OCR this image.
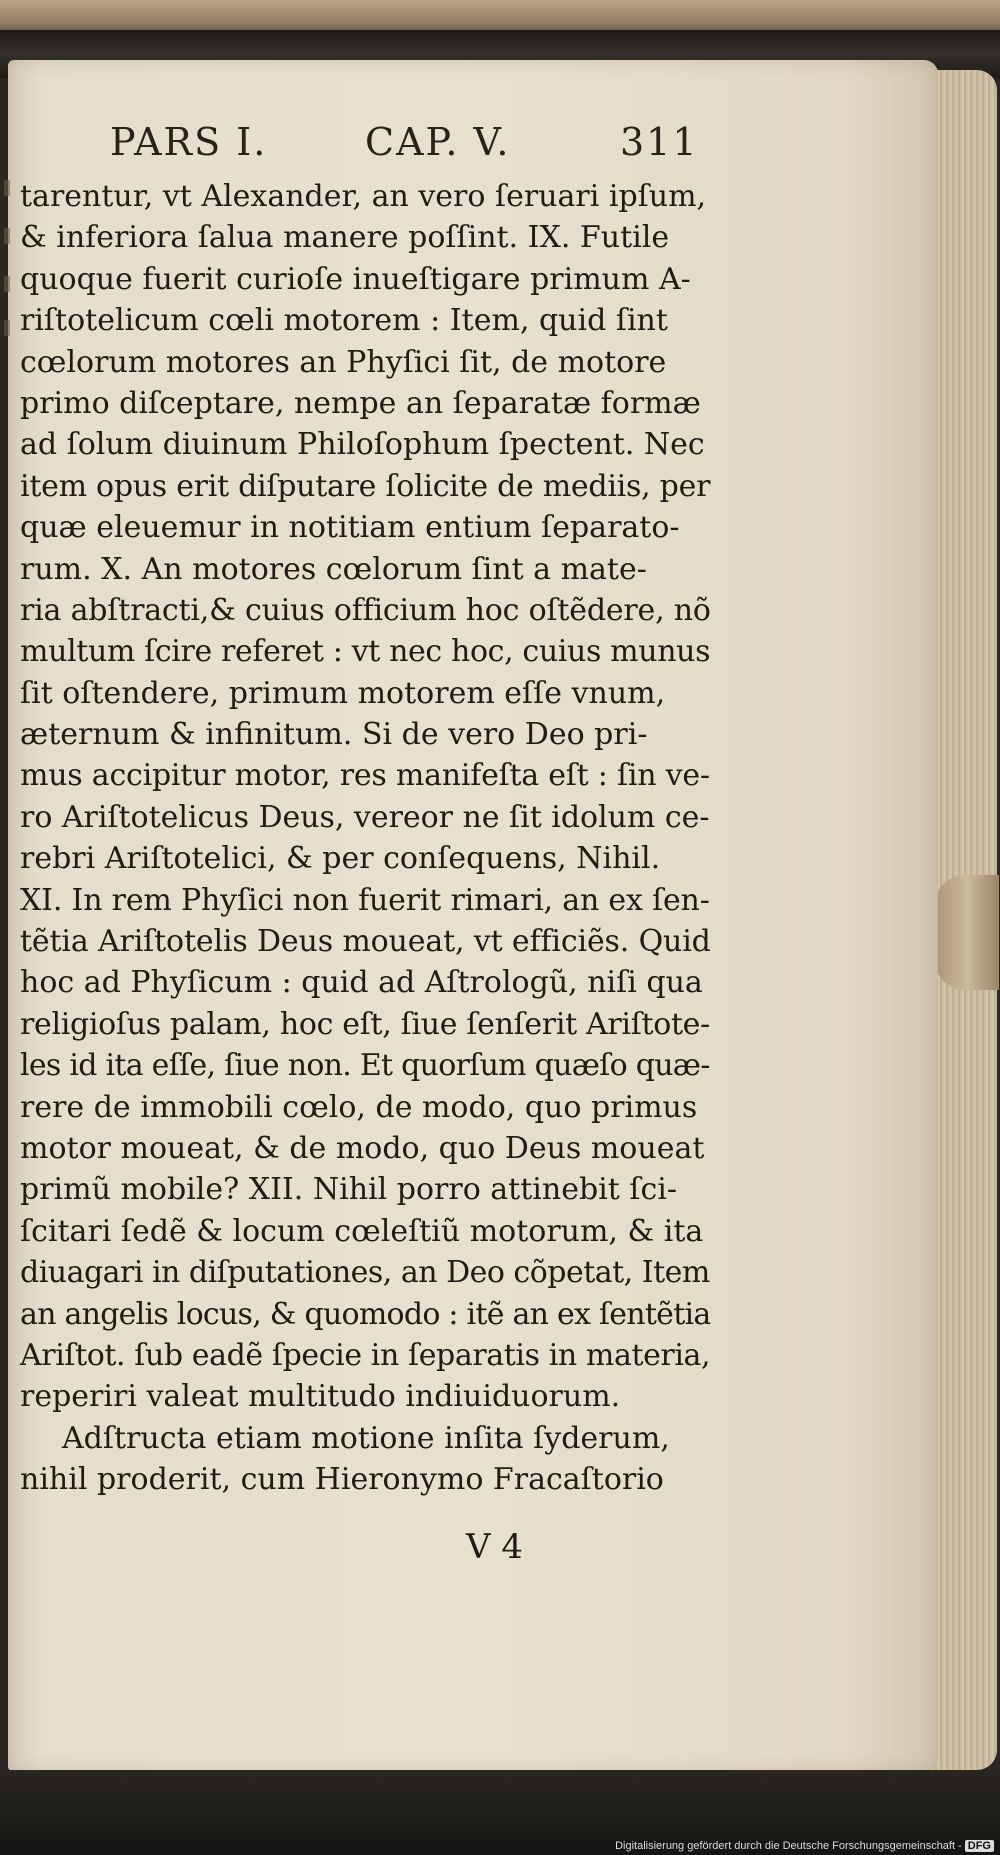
PARS I.	CAP. V.	311
tarentur, vt Alexander, an vero ſeruari ipſum,
& inferiora ſalua manere poſſint. IX. Futile
quoque fuerit curioſe inueſtigare primum A-
riſtotelicum cœli motorem : Item, quid ſint
cœlorum motores an Phyſici ſit, de motore
primo diſceptare, nempe an ſeparatæ formæ
ad ſolum diuinum Philoſophum ſpectent. Nec
item opus erit diſputare ſolicite de mediis, per
quæ eleuemur in notitiam entium ſeparato-
rum. X. An motores cœlorum ſint a mate-
ria abſtracti,& cuius officium hoc oſtẽdere, nõ
multum ſcire referet : vt nec hoc, cuius munus
ſit oſtendere, primum motorem eſſe vnum,
æternum & infinitum. Si de vero Deo pri-
mus accipitur motor, res manifeſta eſt : ſin ve-
ro Ariſtotelicus Deus, vereor ne ſit idolum ce-
rebri Ariſtotelici, & per conſequens, Nihil.
XI. In rem Phyſici non fuerit rimari, an ex ſen-
tẽtia Ariſtotelis Deus moueat, vt efficiẽs. Quid
hoc ad Phyſicum : quid ad Aſtrologũ, niſi qua
religioſus palam, hoc eſt, ſiue ſenſerit Ariſtote-
les id ita eſſe, ſiue non. Et quorſum quæſo quæ-
rere de immobili cœlo, de modo, quo primus
motor moueat, & de modo, quo Deus moueat
primũ mobile? XII. Nihil porro attinebit ſci-
ſcitari ſedẽ & locum cœleſtiũ motorum, & ita
diuagari in diſputationes, an Deo cõpetat, Item
an angelis locus, & quomodo : itẽ an ex ſentẽtia
Ariſtot. ſub eadẽ ſpecie in ſeparatis in materia,
reperiri valeat multitudo indiuiduorum.
Adſtructa etiam motione inſita ſyderum,
nihil proderit, cum Hieronymo Fracaſtorio
V 4
Digitalisierung gefördert durch die Deutsche Forschungsgemeinschaft - DFG
